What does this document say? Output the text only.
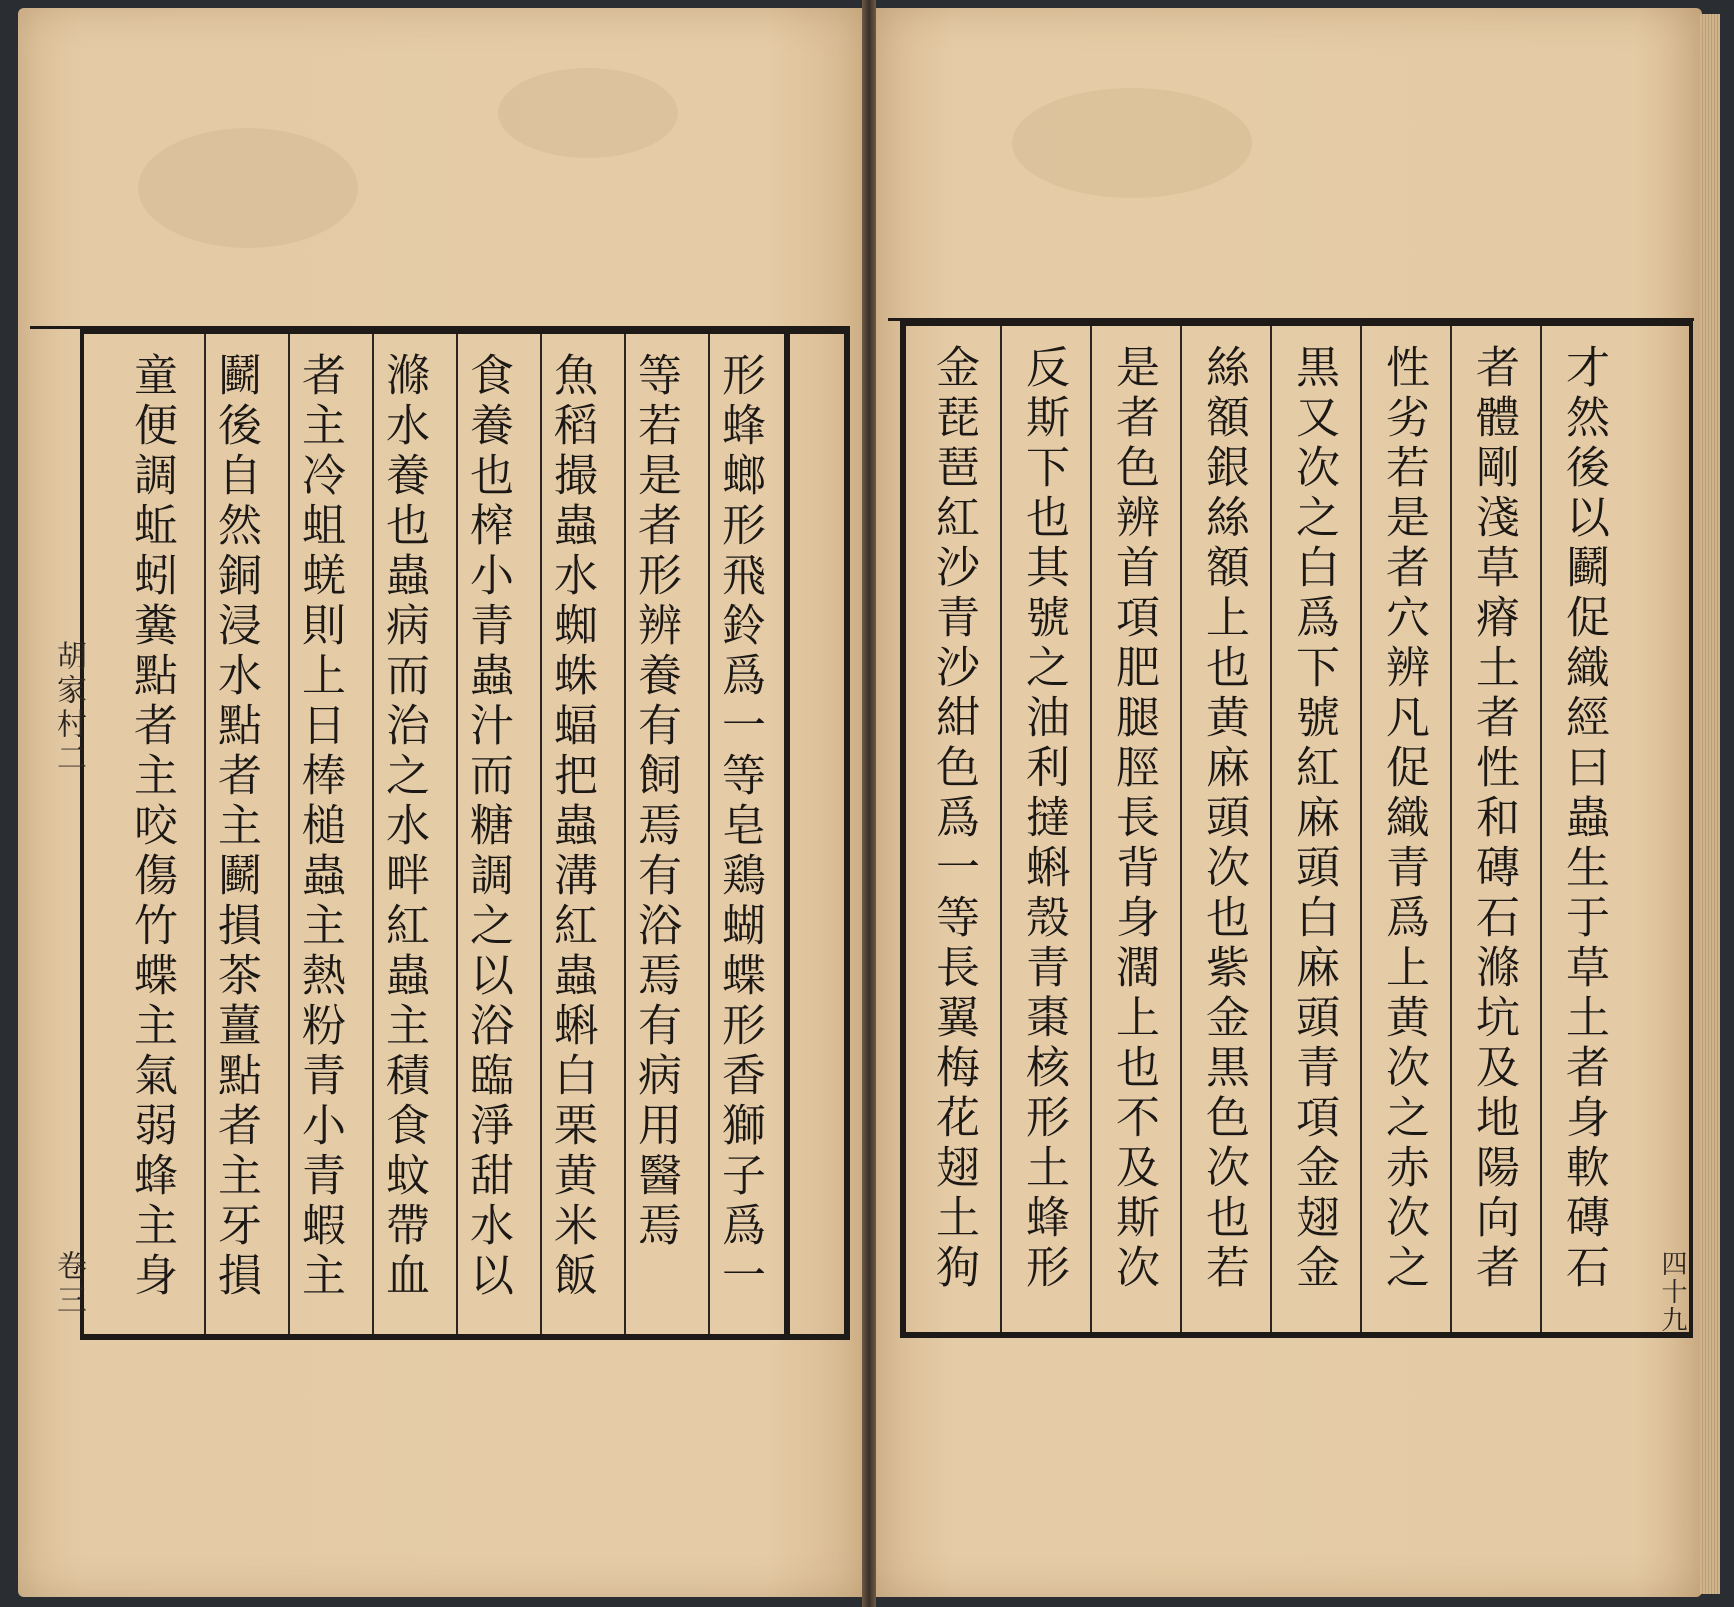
童便調蚯蚓糞點者主咬傷竹蝶主氣弱蜂主身 鬬後自然銅浸水點者主鬬損茶薑點者主牙損 者主冷蛆蜣則上日棒槌蟲主熱粉青小青蝦主 滌水養也蟲病而治之水畔紅蟲主積食蚊帶血 食養也榨小青蟲汁而糖調之以浴臨淨甜水以 魚稻撮蟲水蜘蛛蝠把蟲溝紅蟲蝌白栗黄米飯 等若是者形辨養有飼焉有浴焉有病用醫焉 形蜂螂形飛鈴爲一等皂鶏蝴蝶形香獅子爲一
胡家村二
卷三	金琵琶紅沙青沙紺色爲一等長翼梅花翅土狗 反斯下也其號之油利撻蝌殼青棗核形土蜂形 是者色辨首項肥腿脛長背身濶上也不及斯次 絲額銀絲額上也黄麻頭次也紫金黒色次也若 黒又次之白爲下號紅麻頭白麻頭青項金翅金 性劣若是者穴辨凡促織青爲上黄次之赤次之 者體剛淺草瘠土者性和磚石滌坑及地陽向者 才然後以鬬促織經曰蟲生于草土者身軟磚石 四十九
